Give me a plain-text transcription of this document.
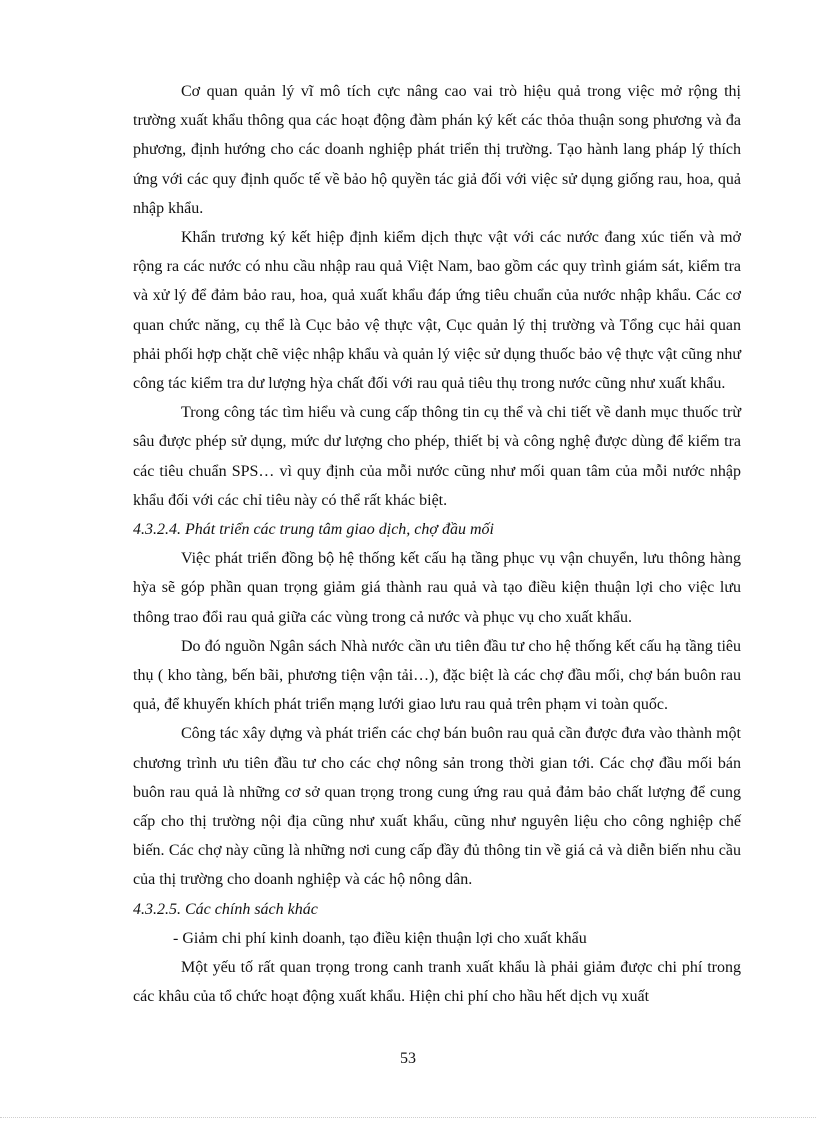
Cơ quan quản lý vĩ mô tích cực nâng cao vai trò hiệu quả trong việc mở rộng thị trường xuất khẩu thông qua các hoạt động đàm phán ký kết các thỏa thuận song phương và đa phương, định hướng cho các doanh nghiệp phát triển thị trường. Tạo hành lang pháp lý thích ứng với các quy định quốc tế về bảo hộ quyền tác giả đối với việc sử dụng giống rau, hoa, quả nhập khẩu.

Khẩn trương ký kết hiệp định kiểm dịch thực vật với các nước đang xúc tiến và mở rộng ra các nước có nhu cầu nhập rau quả Việt Nam, bao gồm các quy trình giám sát, kiểm tra và xử lý để đảm bảo rau, hoa, quả xuất khẩu đáp ứng tiêu chuẩn của nước nhập khẩu. Các cơ quan chức năng, cụ thể là Cục bảo vệ thực vật, Cục quản lý thị trường và Tổng cục hải quan phải phối hợp chặt chẽ việc nhập khẩu và quản lý việc sử dụng thuốc bảo vệ thực vật cũng như công tác kiểm tra dư lượng hỳa chất đối với rau quả tiêu thụ trong nước cũng như xuất khẩu.

Trong công tác tìm hiểu và cung cấp thông tin cụ thể và chi tiết về danh mục thuốc trừ sâu được phép sử dụng, mức dư lượng cho phép, thiết bị và công nghệ được dùng để kiểm tra các tiêu chuẩn SPS… vì quy định của mỗi nước cũng như mối quan tâm của mỗi nước nhập khẩu đối với các chỉ tiêu này có thể rất khác biệt.

4.3.2.4. Phát triển các trung tâm giao dịch, chợ đầu mối

Việc phát triển đồng bộ hệ thống kết cấu hạ tầng phục vụ vận chuyển, lưu thông hàng hỳa sẽ góp phần quan trọng giảm giá thành rau quả và tạo điều kiện thuận lợi cho việc lưu thông trao đổi rau quả giữa các vùng trong cả nước và phục vụ cho xuất khẩu.

Do đó nguồn Ngân sách Nhà nước cần ưu tiên đầu tư cho hệ thống kết cấu hạ tầng tiêu thụ ( kho tàng, bến bãi, phương tiện vận tải…), đặc biệt là các chợ đầu mối, chợ bán buôn rau quả, để khuyến khích phát triển mạng lưới giao lưu rau quả trên phạm vi toàn quốc.

Công tác xây dựng và phát triển các chợ bán buôn rau quả cần được đưa vào thành một chương trình ưu tiên đầu tư cho các chợ nông sản trong thời gian tới. Các chợ đầu mối bán buôn rau quả là những cơ sở quan trọng trong cung ứng rau quả đảm bảo chất lượng để cung cấp cho thị trường nội địa cũng như xuất khẩu, cũng như nguyên liệu cho công nghiệp chế biến. Các chợ này cũng là những nơi cung cấp đầy đủ thông tin về giá cả và diễn biến nhu cầu của thị trường cho doanh nghiệp và các hộ nông dân.

4.3.2.5. Các chính sách khác

- Giảm chi phí kinh doanh, tạo điều kiện thuận lợi cho xuất khẩu

Một yếu tố rất quan trọng trong canh tranh xuất khẩu là phải giảm được chi phí trong các khâu của tổ chức hoạt động xuất khẩu. Hiện chi phí cho hầu hết dịch vụ xuất

53
